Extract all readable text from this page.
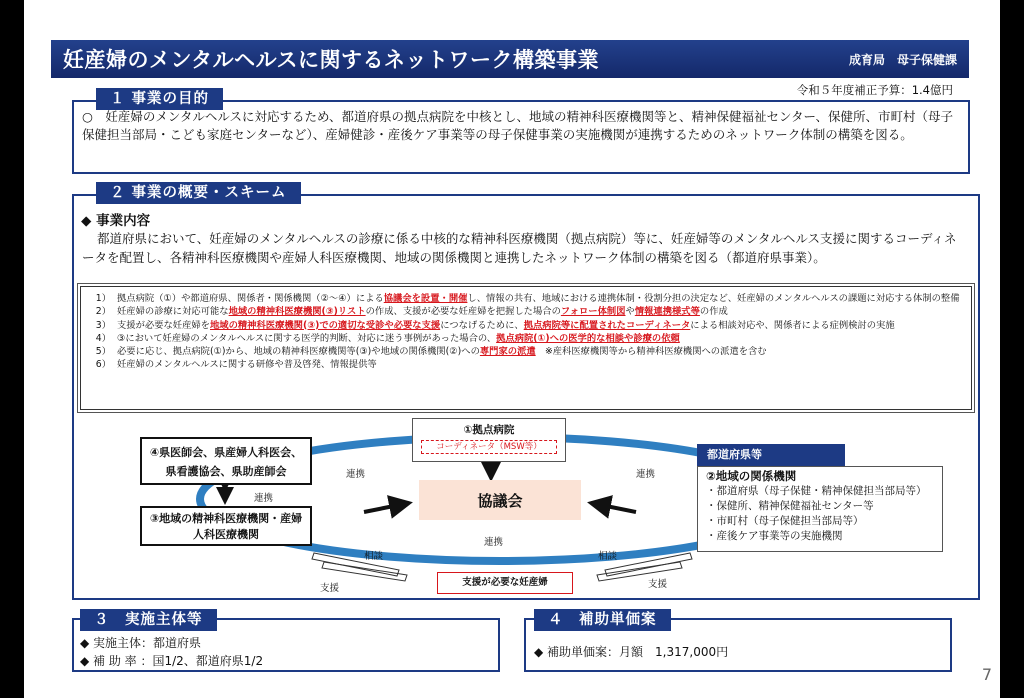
妊産婦のメンタルヘルスに関するネットワーク構築事業	成育局　母子保健課
令和５年度補正予算：1.4億円
１ 事業の目的
○　妊産婦のメンタルヘルスに対応するため、都道府県の拠点病院を中核とし、地域の精神科医療機関等と、精神保健福祉センター、保健所、市町村（母子保健担当部局・こども家庭センターなど）、産婦健診・産後ケア事業等の母子保健事業の実施機関が連携するためのネットワーク体制の構築を図る。
２ 事業の概要・スキーム
◆ 事業内容
都道府県において、妊産婦のメンタルヘルスの診療に係る中核的な精神科医療機関（拠点病院）等に、妊産婦等のメンタルヘルス支援に関するコーディネータを配置し、各精神科医療機関や産婦人科医療機関、地域の関係機関と連携したネットワーク体制の構築を図る（都道府県事業）。
1） 拠点病院（①）や都道府県、関係者・関係機関（②～④）による協議会を設置・開催し、情報の共有、地域における連携体制・役割分担の決定など、妊産婦のメンタルヘルスの課題に対応する体制の整備
2） 妊産婦の診療に対応可能な地域の精神科医療機関(③)リストの作成、支援が必要な妊産婦を把握した場合のフォロー体制図や情報連携様式等の作成
3） 支援が必要な妊産婦を地域の精神科医療機関(③)での適切な受診や必要な支援につなげるために、拠点病院等に配置されたコーディネータによる相談対応や、関係者による症例検討の実施
4） ③において妊産婦のメンタルヘルスに関する医学的判断、対応に迷う事例があった場合の、拠点病院(①)への医学的な相談や診療の依頼
5） 必要に応じ、拠点病院(①)から、地域の精神科医療機関等(③)や地域の関係機関(②)への専門家の派遣　※産科医療機関等から精神科医療機関への派遣を含む
6） 妊産婦のメンタルヘルスに関する研修や普及啓発、情報提供等
①拠点病院
コーディネータ（MSW等）
④県医師会、県産婦人科医会、県看護協会、県助産師会
連携
③地域の精神科医療機関・産婦人科医療機関
協議会
連携	連携
連携
都道府県等
②地域の関係機関
・都道府県（母子保健・精神保健担当部局等）
・保健所、精神保健福祉センター等
・市町村（母子保健担当部局等）
・産後ケア事業等の実施機関
相談
支援
相談
支援
支援が必要な妊産婦
３　実施主体等
◆ 実施主体：都道府県
◆ 補 助 率 ：国1/2、都道府県1/2
４　補助単価案
◆ 補助単価案：月額　1,317,000円
7
